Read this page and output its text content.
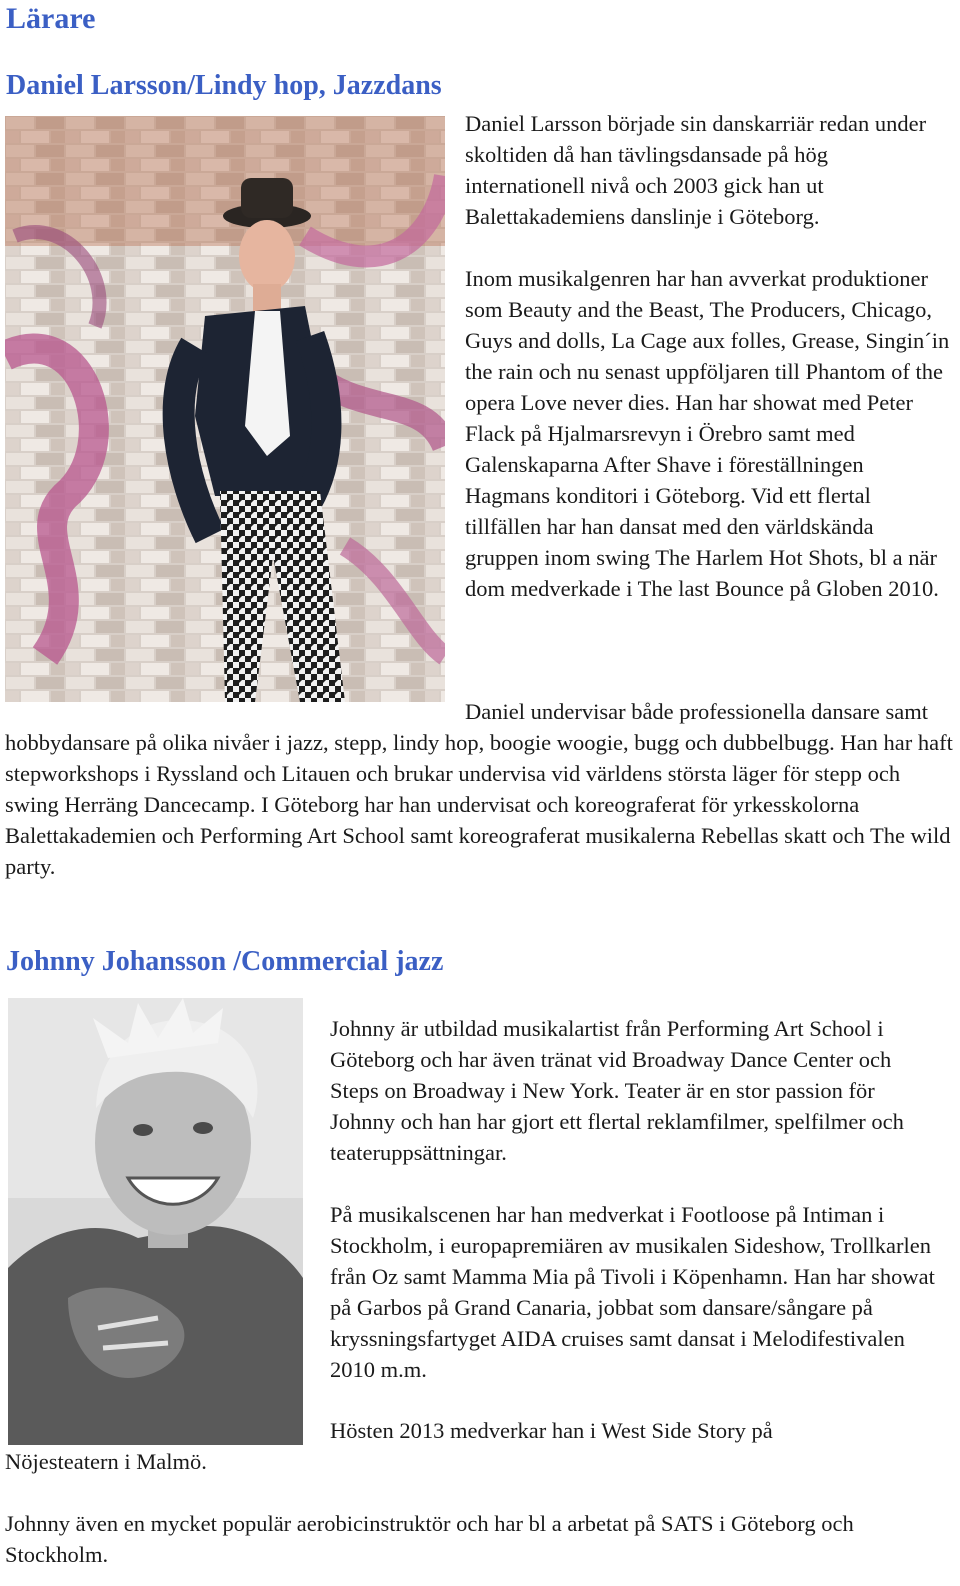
Lärare
Daniel Larsson/Lindy hop, Jazzdans

Daniel Larsson började sin danskarriär redan under skoltiden då han tävlingsdansade på hög internationell nivå och 2003 gick han ut Balettakademiens danslinje i Göteborg.

Inom musikalgenren har han avverkat produktioner som Beauty and the Beast, The Producers, Chicago, Guys and dolls, La Cage aux folles, Grease, Singin´in the rain och nu senast uppföljaren till Phantom of the opera Love never dies. Han har showat med Peter Flack på Hjalmarsrevyn i Örebro samt med Galenskaparna After Shave i föreställningen Hagmans konditori i Göteborg. Vid ett flertal tillfällen har han dansat med den världskända gruppen inom swing The Harlem Hot Shots, bl a när dom medverkade i The last Bounce på Globen 2010.

Daniel undervisar både professionella dansare samt hobbydansare på olika nivåer i jazz, stepp, lindy hop, boogie woogie, bugg och dubbelbugg. Han har haft stepworkshops i Ryssland och Litauen och brukar undervisa vid världens största läger för stepp och swing Herräng Dancecamp. I Göteborg har han undervisat och koreograferat för yrkesskolorna Balettakademien och Performing Art School samt koreograferat musikalerna Rebellas skatt och The wild party.

Johnny Johansson /Commercial jazz

Johnny är utbildad musikalartist från Performing Art School i Göteborg och har även tränat vid Broadway Dance Center och Steps on Broadway i New York. Teater är en stor passion för Johnny och han har gjort ett flertal reklamfilmer, spelfilmer och teateruppsättningar.

På musikalscenen har han medverkat i Footloose på Intiman i Stockholm, i europapremiären av musikalen Sideshow, Trollkarlen från Oz samt Mamma Mia på Tivoli i Köpenhamn. Han har showat på Garbos på Grand Canaria, jobbat som dansare/sångare på kryssningsfartyget AIDA cruises samt dansat i Melodifestivalen 2010 m.m.

Hösten 2013 medverkar han i West Side Story på

Nöjesteatern i Malmö.

Johnny även en mycket populär aerobicinstruktör och har bl a arbetat på SATS i Göteborg och Stockholm.
